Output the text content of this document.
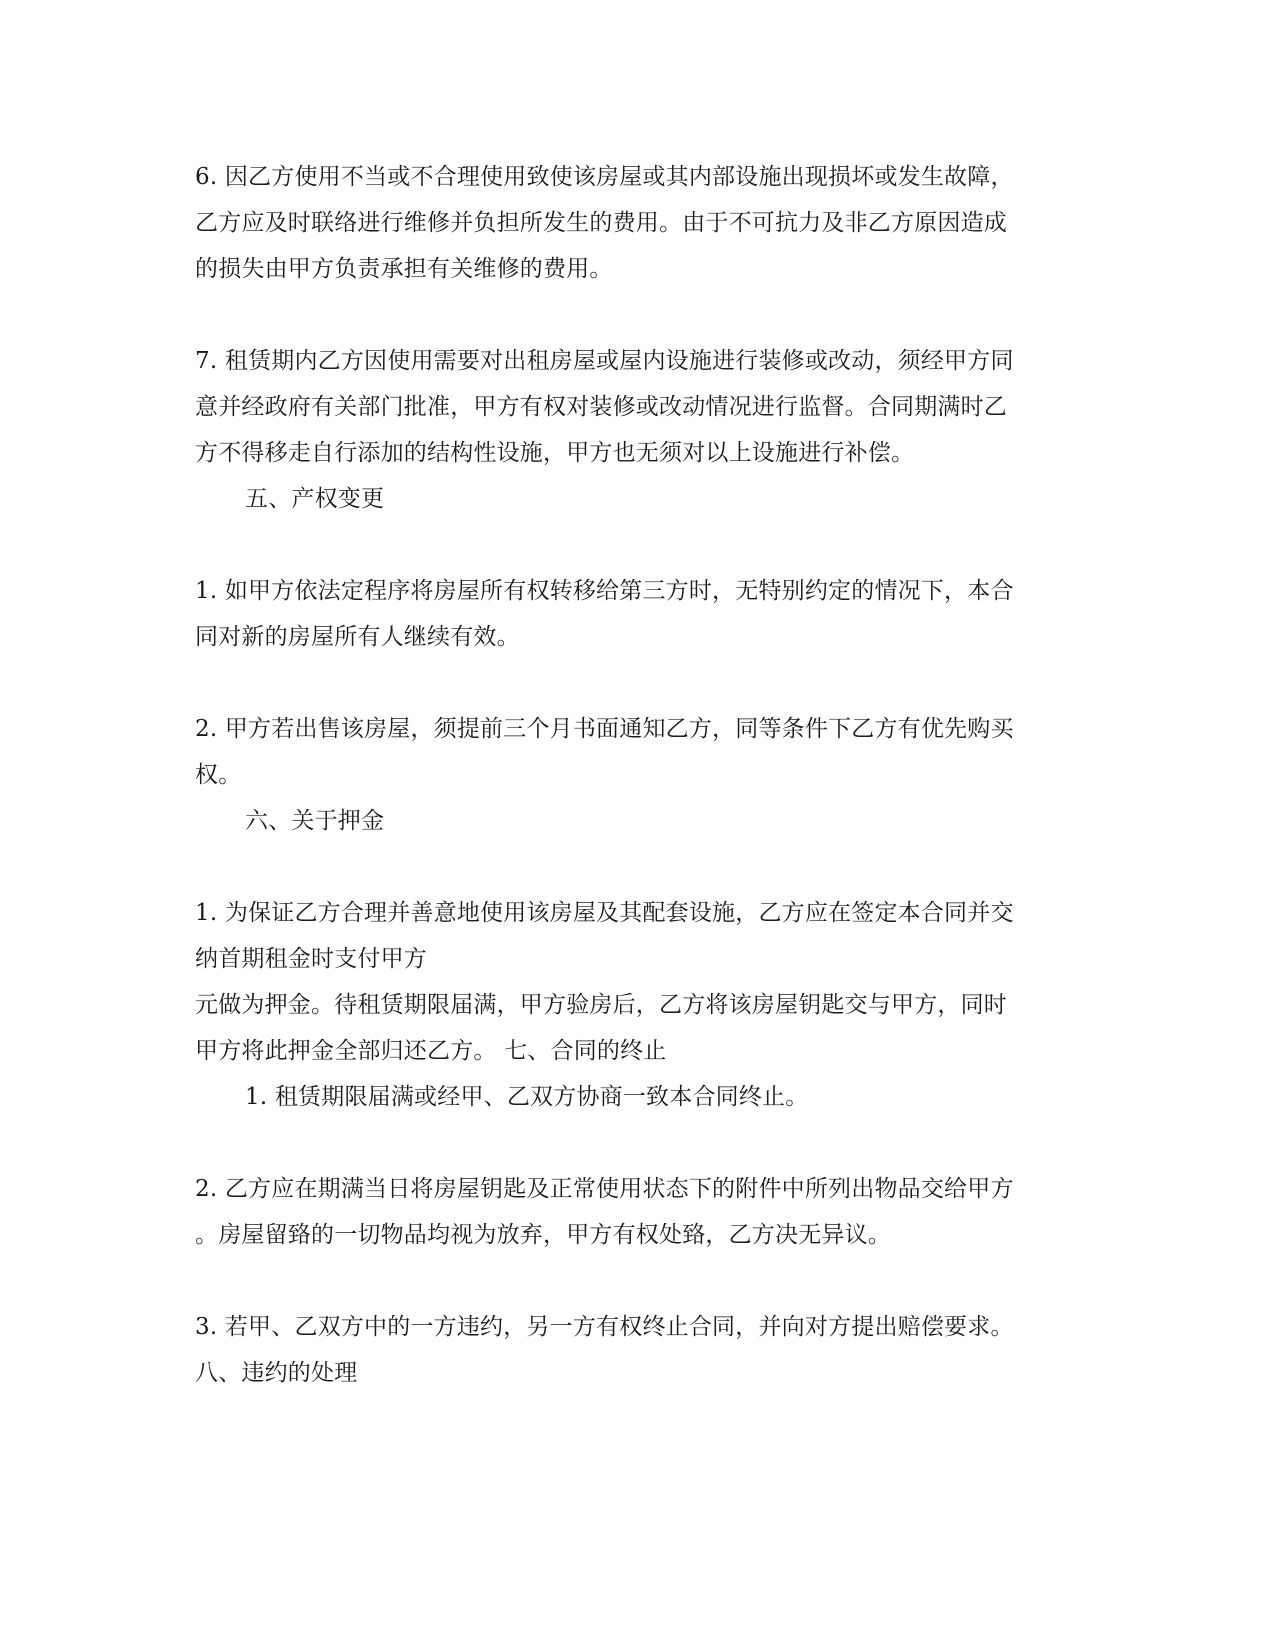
6. 因乙方使用不当或不合理使用致使该房屋或其内部设施出现损坏或发生故障，
乙方应及时联络进行维修并负担所发生的费用。由于不可抗力及非乙方原因造成
的损失由甲方负责承担有关维修的费用。
7. 租赁期内乙方因使用需要对出租房屋或屋内设施进行装修或改动，须经甲方同
意并经政府有关部门批准，甲方有权对装修或改动情况进行监督。合同期满时乙
方不得移走自行添加的结构性设施，甲方也无须对以上设施进行补偿。
五、产权变更
1. 如甲方依法定程序将房屋所有权转移给第三方时，无特别约定的情况下，本合
同对新的房屋所有人继续有效。
2. 甲方若出售该房屋，须提前三个月书面通知乙方，同等条件下乙方有优先购买
权。
六、关于押金
1. 为保证乙方合理并善意地使用该房屋及其配套设施，乙方应在签定本合同并交
纳首期租金时支付甲方
元做为押金。待租赁期限届满，甲方验房后，乙方将该房屋钥匙交与甲方，同时
甲方将此押金全部归还乙方。 七、合同的终止
1. 租赁期限届满或经甲、乙双方协商一致本合同终止。
2. 乙方应在期满当日将房屋钥匙及正常使用状态下的附件中所列出物品交给甲方
。房屋留臵的一切物品均视为放弃，甲方有权处臵，乙方决无异议。
3. 若甲、乙双方中的一方违约，另一方有权终止合同，并向对方提出赔偿要求。
八、违约的处理
